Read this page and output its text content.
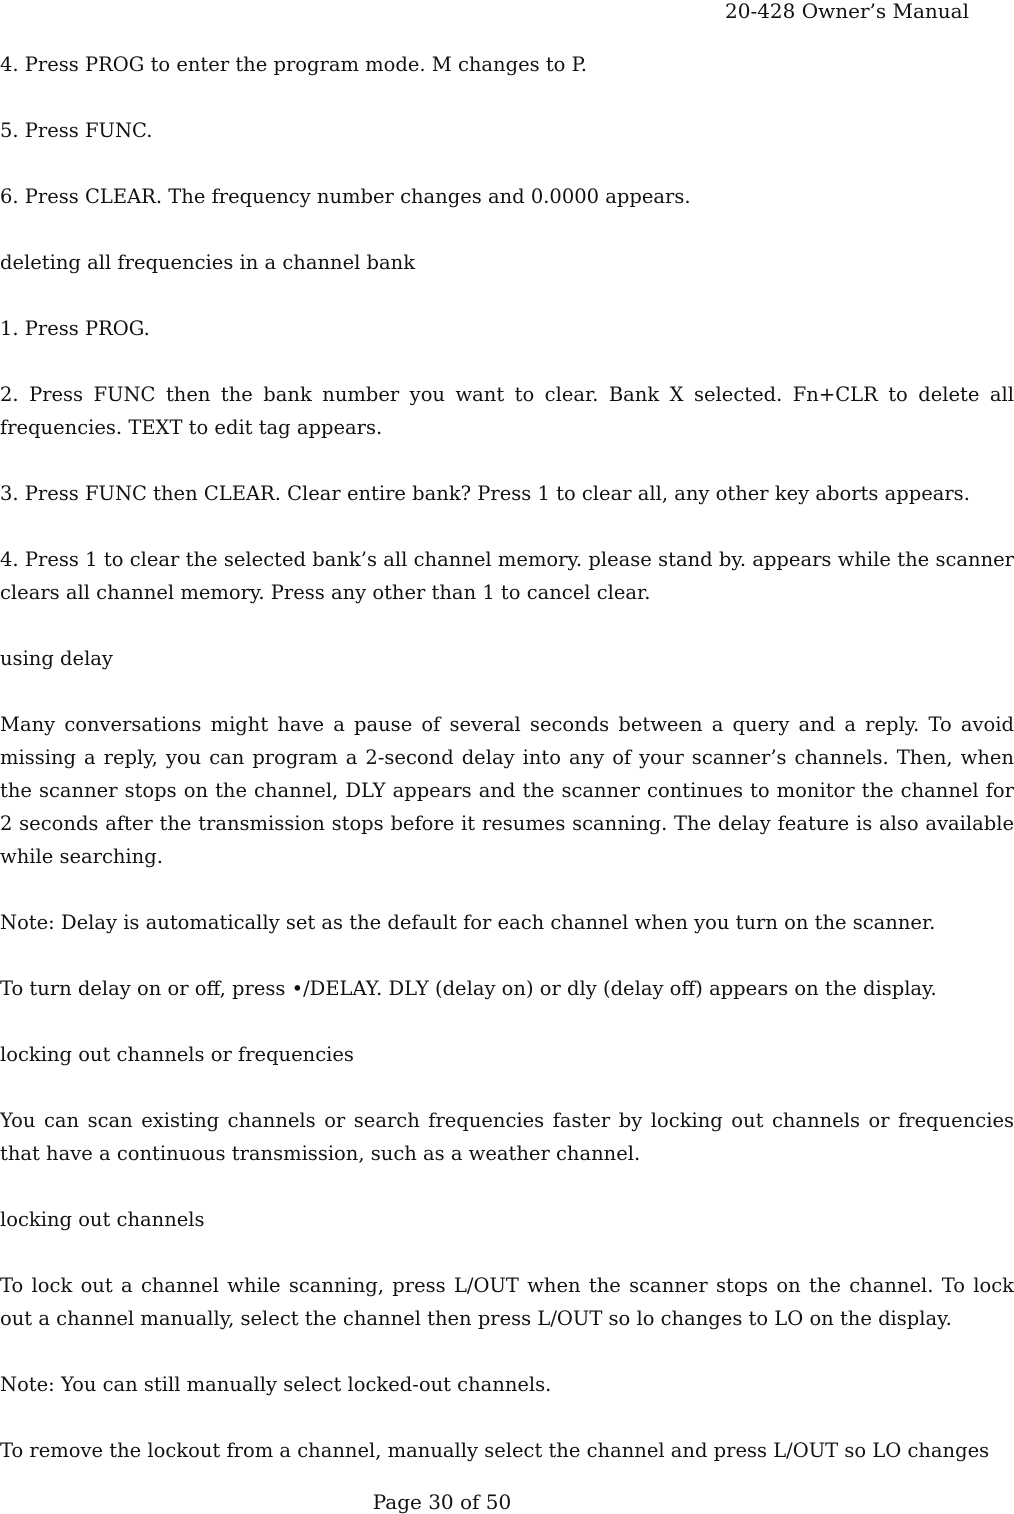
20-428 Owner’s Manual

4. Press PROG to enter the program mode. M changes to P.

5. Press FUNC.

6. Press CLEAR. The frequency number changes and 0.0000 appears.

deleting all frequencies in a channel bank

1. Press PROG.

2. Press FUNC then the bank number you want to clear. Bank X selected. Fn+CLR to delete all frequencies. TEXT to edit tag appears.

3. Press FUNC then CLEAR. Clear entire bank? Press 1 to clear all, any other key aborts appears.

4. Press 1 to clear the selected bank’s all channel memory. please stand by. appears while the scanner clears all channel memory. Press any other than 1 to cancel clear.

using delay

Many conversations might have a pause of several seconds between a query and a reply. To avoid missing a reply, you can program a 2-second delay into any of your scanner’s channels. Then, when the scanner stops on the channel, DLY appears and the scanner continues to monitor the channel for 2 seconds after the transmission stops before it resumes scanning. The delay feature is also available while searching.

Note: Delay is automatically set as the default for each channel when you turn on the scanner.

To turn delay on or off, press •/DELAY. DLY (delay on) or dly (delay off) appears on the display.

locking out channels or frequencies

You can scan existing channels or search frequencies faster by locking out channels or frequencies that have a continuous transmission, such as a weather channel.

locking out channels

To lock out a channel while scanning, press L/OUT when the scanner stops on the channel. To lock out a channel manually, select the channel then press L/OUT so lo changes to LO on the display.

Note: You can still manually select locked-out channels.

To remove the lockout from a channel, manually select the channel and press L/OUT so LO changes

Page 30 of 50
